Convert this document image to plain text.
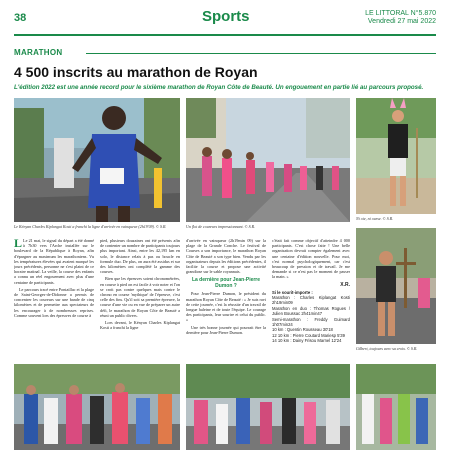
38	Sports	LE LITTORAL N°5.870
Vendredi 27 mai 2022
MARATHON
4 500 inscrits au marathon de Royan
L'édition 2022 est une année record pour le sixième marathon de Royan Côte de Beauté. Un engouement en partie lié au parcours proposé.
Le Kényan Charles Kiplangat Kosti a franchi la ligne d'arrivée en vainqueur (2h19'09). © S.R.	Un flot de coureurs impressionnant. © S.R.
Ni oie, ni ourse. © S.R.
Gilbert, toujours avec sa croix. © S.R.
L Le 21 mai, le signal du départ a été donné à 7h30 vers l'Arche installée sur le boulevard de la République à Royan, afin d'épargner au maximum les marathoniens. Vu les températures élevées qui avaient marqué les jours précédents, personne ne s'est plaint de ce horaire matinal. La veille, la course des enfants a connu un réel engouement avec plus d'une centaine de participants.

Le parcours tracé entre Pontaillac et la plage de Saint-Georges-de-Didonne a permis de concentrer les coureurs sur une bande de cinq kilomètres et de permettre aux spectateurs de les encourager à de nombreuses reprises. Comme souvent lors des épreuves de course à

pied, plusieurs douzaines ont été présents afin de contenter un nombre de participants toujours plus important. Ainsi, entre les 42,195 km en solo, le distance relais à pas ou boucle en formule duo. De plus, on aura été assidus et sur des kilomètres ont complété la gamme des courses.

Bien que les épreuves soient chronométrées, en course à pied on est facile à voir noter et l'on se croit pas contre quelques mais contre le chrono en course 'mythique' de l'épreuve, c'est celle des fins. Qu'il soit sa première épreuve, la course d'une vie ou en vue de préparer un autre défi, le marathon de Royan Côte de Beauté a réuni un public divers.

Lors devant, le Kényan Charles Kiplangat Kosti a franchi la ligne

d'arrivée en vainqueur (2h19min 09) sur la plage de la Grande Conche. Le festival de Courses a son importance, le marathon Royan Côte de Beauté a son type bien. Vendu par les organisateurs depuis les éditions précédentes, il facilite la course et propose une activité grandiose sur le sable royannais.

La dernière pour Jean-Pierre Dumon ?

Pour Jean-Pierre Dumon, le président du marathon Royan Côte de Beauté : « Je suis ravi de cette journée, c'est la réussite d'un travail de longue haleine et de toute l'équipe. Le courage des participants, leur sourire et celui du public. »

Une très bonne journée qui pourrait être la dernière pour Jean-Pierre Dumon.

c'était fait comme objectif d'atteindre 4 000 participants. C'est chose faite ! Une belle organisation devrait compter également avec une centaine d'édition nouvelle. Pour moi, c'est normal psychologiquement, car c'est beaucoup de pression et de travail. Je me demande si ce n'est pas le moment de passer la main. »

X.R.
Si le sourit-importe :
Marathon : Charles Kiplangat Kosti 2h19min09
Marathon en duo : Thomas Rogues / Julien Boussac 2h41min47
Semi-marathon : Freddy Guimard 1h07min24
10 km : Quentin Rousseau 30'18
12 10 km : Pierre Coutard Mariesp 5'39
14 10 km : Dainy Frisou Marnel 12'24
